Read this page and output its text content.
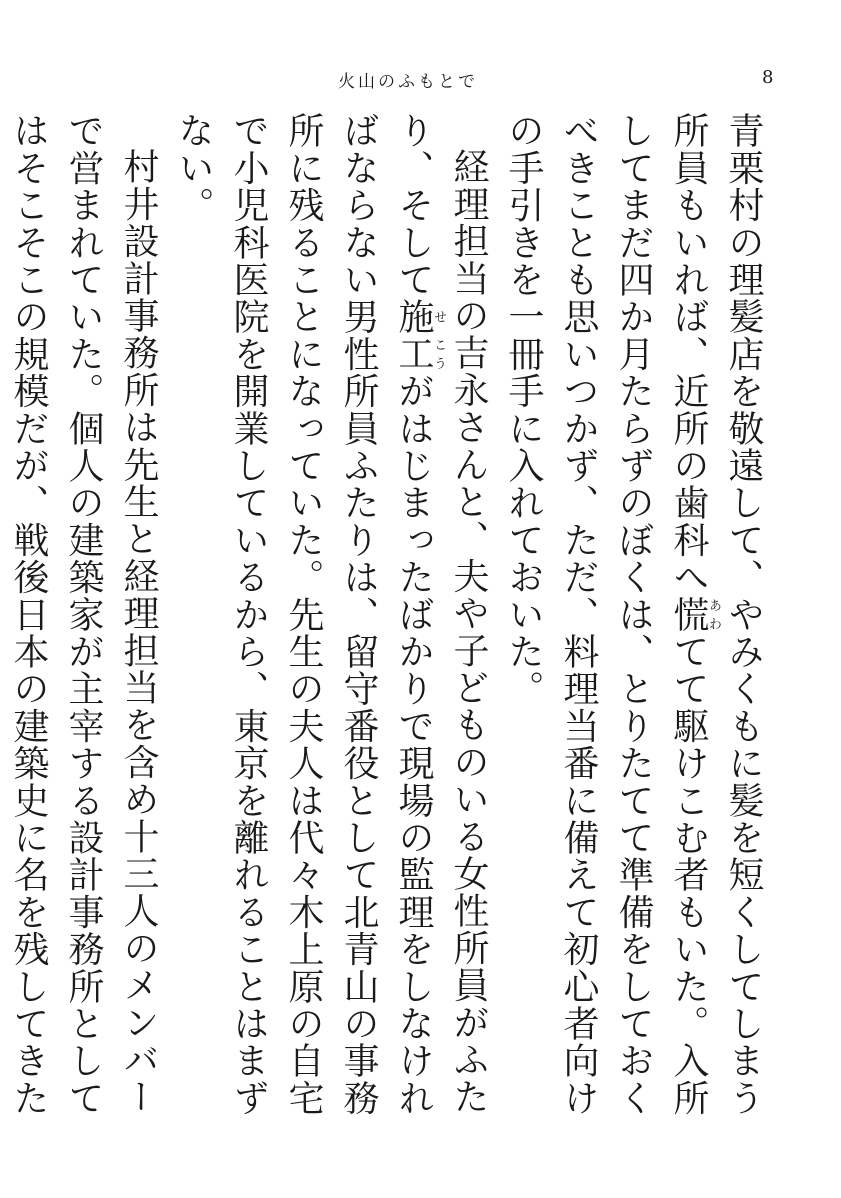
火山のふもとで	8

青栗村の理髪店を敬遠して、やみくもに髪を短くしてしまう所員もいれば、近所の歯科へ慌あわてて駆けこむ者もいた。入所してまだ四か月たらずのぼくは、とりたてて準備をしておくべきことも思いつかず、ただ、料理当番に備えて初心者向けの手引きを一冊手に入れておいた。

経理担当の吉永さんと、夫や子どものいる女性所員がふたり、そして施せ工こうがはじまったばかりで現場の監理をしなければならない男性所員ふたりは、留守番役として北青山の事務所に残ることになっていた。先生の夫人は代々木上原の自宅で小児科医院を開業しているから、東京を離れることはまずない。

村井設計事務所は先生と経理担当を含め十三人のメンバーで営まれていた。個人の建築家が主宰する設計事務所としてはそこそこの規模だが、戦後日本の建築史に名を残してきた
